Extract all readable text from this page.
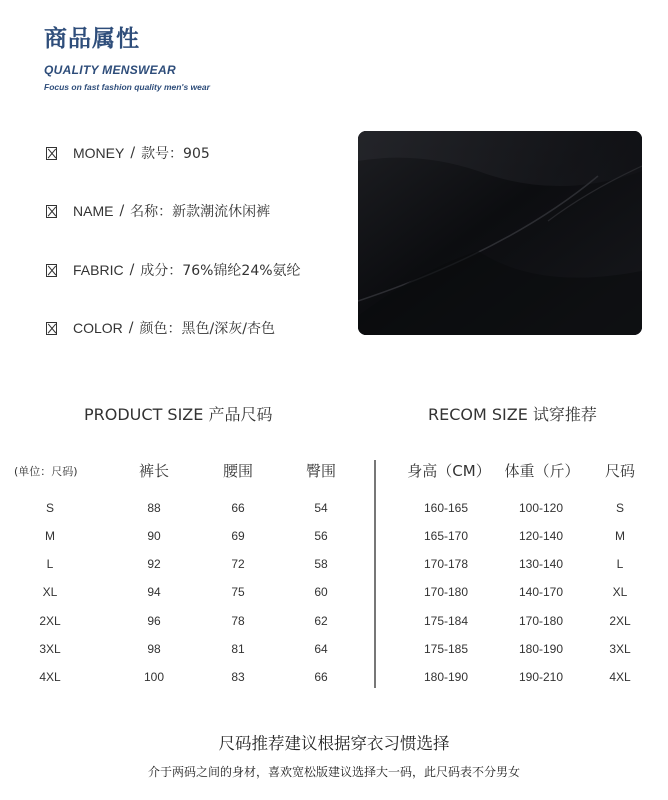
商品属性
QUALITY MENSWEAR
Focus on fast fashion quality men's wear
MONEY / 款号：905
NAME / 名称：新款潮流休闲裤
FABRIC / 成分：76%锦纶24%氨纶
COLOR / 颜色：黑色/深灰/杏色
PRODUCT SIZE 产品尺码	RECOM SIZE 试穿推荐
(单位：尺码)	裤长	腰围	臀围
S	88	66	54
M	90	69	56
L	92	72	58
XL	94	75	60
2XL	96	78	62
3XL	98	81	64
4XL	100	83	66
身高（CM） 体重（斤） 尺码
160-165	100-120	S
165-170	120-140	M
170-178	130-140	L
170-180	140-170	XL
175-184	170-180	2XL
175-185	180-190	3XL
180-190	190-210	4XL
尺码推荐建议根据穿衣习惯选择
介于两码之间的身材，喜欢宽松版建议选择大一码，此尺码表不分男女
